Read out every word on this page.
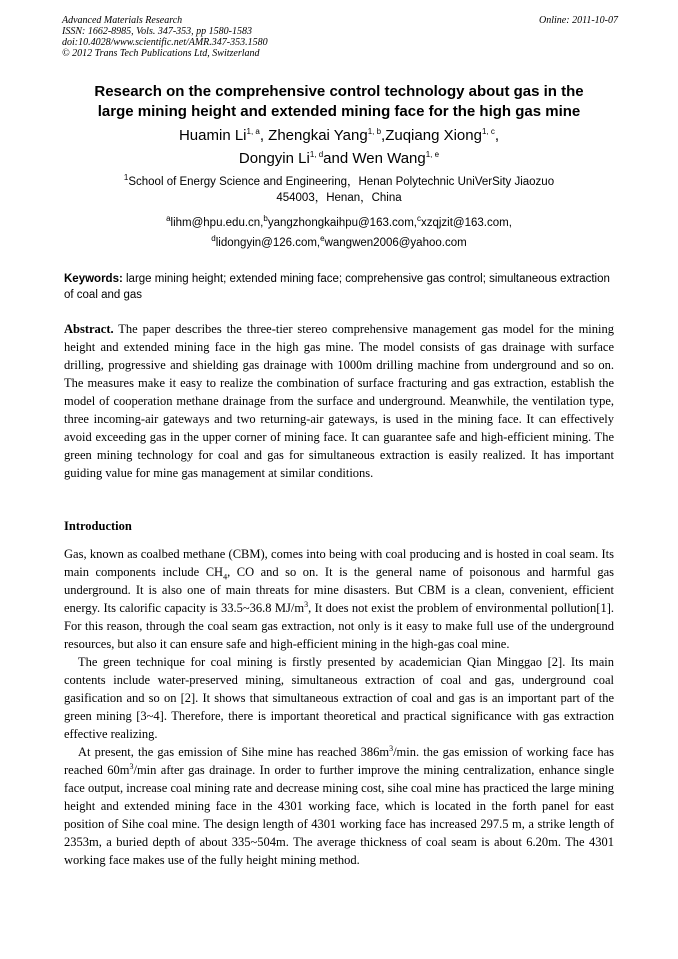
Advanced Materials Research
ISSN: 1662-8985, Vols. 347-353, pp 1580-1583
doi:10.4028/www.scientific.net/AMR.347-353.1580
© 2012 Trans Tech Publications Ltd, Switzerland
Online: 2011-10-07
Research on the comprehensive control technology about gas in the
large mining height and extended mining face for the high gas mine
Huamin Li$^{1, a}$, Zhengkai Yang$^{1, b}$,Zuqiang Xiong$^{1, c}$,
Dongyin Li$^{1, d}$and Wen Wang$^{1, e}$
$^1$School of Energy Science and Engineering，Henan Polytechnic UniVerSity Jiaozuo
454003，Henan，China
$^a$lihm@hpu.edu.cn,$^b$yangzhongkaihpu@163.com,$^c$xzqjzit@163.com,
$^d$lidongyin@126.com,$^e$wangwen2006@yahoo.com
Keywords: large mining height; extended mining face; comprehensive gas control; simultaneous extraction of coal and gas

Abstract. The paper describes the three-tier stereo comprehensive management gas model for the mining height and extended mining face in the high gas mine. The model consists of gas drainage with surface drilling, progressive and shielding gas drainage with 1000m drilling machine from underground and so on. The measures make it easy to realize the combination of surface fracturing and gas extraction, establish the model of cooperation methane drainage from the surface and underground. Meanwhile, the ventilation type, three incoming-air gateways and two returning-air gateways, is used in the mining face. It can effectively avoid exceeding gas in the upper corner of mining face. It can guarantee safe and high-efficient mining. The green mining technology for coal and gas for simultaneous extraction is easily realized. It has important guiding value for mine gas management at similar conditions.

Introduction

Gas, known as coalbed methane (CBM), comes into being with coal producing and is hosted in coal seam. Its main components include $CH_4$, CO and so on. It is the general name of poisonous and harmful gas underground. It is also one of main threats for mine disasters. But CBM is a clean, convenient, efficient energy. Its calorific capacity is 33.5~36.8 $MJ/m^3$, It does not exist the problem of environmental pollution[1]. For this reason, through the coal seam gas extraction, not only is it easy to make full use of the underground resources, but also it can ensure safe and high-efficient mining in the high-gas coal mine.

The green technique for coal mining is firstly presented by academician Qian Minggao [2]. Its main contents include water-preserved mining, simultaneous extraction of coal and gas, underground coal gasification and so on [2]. It shows that simultaneous extraction of coal and gas is an important part of the green mining [3~4]. Therefore, there is important theoretical and practical significance with gas extraction effective realizing.

At present, the gas emission of Sihe mine has reached $386m^3/\min$. the gas emission of working face has reached $60m^3/\min$ after gas drainage. In order to further improve the mining centralization, enhance single face output, increase coal mining rate and decrease mining cost, sihe coal mine has practiced the large mining height and extended mining face in the 4301 working face, which is located in the forth panel for east position of Sihe coal mine. The design length of 4301 working face has increased 297.5 m, a strike length of 2353m, a buried depth of about 335~504m. The average thickness of coal seam is about 6.20m. The 4301 working face makes use of the fully height mining method.
